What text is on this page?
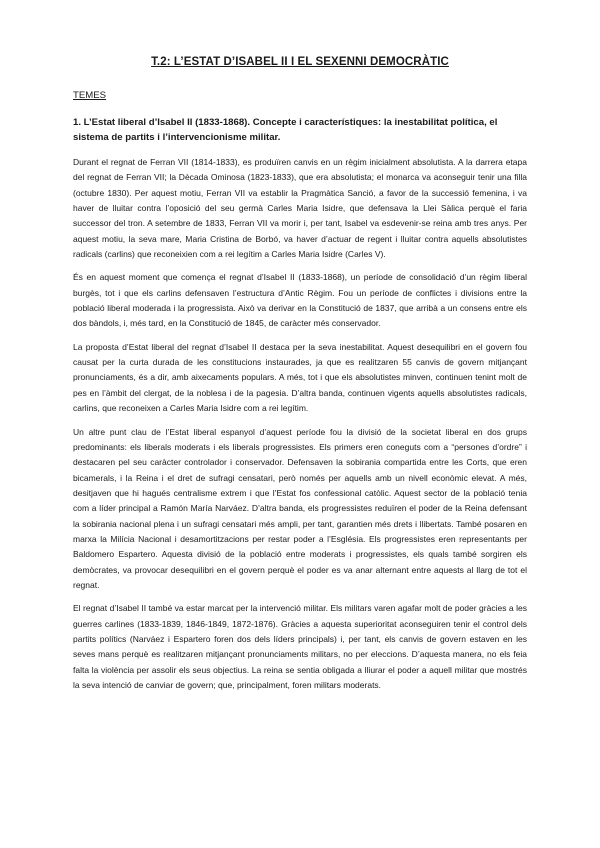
T.2: L’ESTAT D’ISABEL II I EL SEXENNI DEMOCRÀTIC
TEMES
1. L’Estat liberal d’Isabel II (1833-1868). Concepte i característiques: la inestabilitat política, el sistema de partits i l’intervencionisme militar.

Durant el regnat de Ferran VII (1814-1833), es produïren canvis en un règim inicialment absolutista. A la darrera etapa del regnat de Ferran VII; la Dècada Ominosa (1823-1833), que era absolutista; el monarca va aconseguir tenir una filla (octubre 1830). Per aquest motiu, Ferran VII va establir la Pragmàtica Sanció, a favor de la successió femenina, i va haver de lluitar contra l’oposició del seu germà Carles Maria Isidre, que defensava la Llei Sàlica perquè el faria successor del tron. A setembre de 1833, Ferran VII va morir i, per tant, Isabel va esdevenir-se reina amb tres anys. Per aquest motiu, la seva mare, Maria Cristina de Borbó, va haver d’actuar de regent i lluitar contra aquells absolutistes radicals (carlins) que reconeixien com a rei legítim a Carles Maria Isidre (Carles V).

És en aquest moment que comença el regnat d’Isabel II (1833-1868), un període de consolidació d’un règim liberal burgès, tot i que els carlins defensaven l’estructura d’Antic Règim. Fou un període de conflictes i divisions entre la població liberal moderada i la progressista. Això va derivar en la Constitució de 1837, que arribà a un consens entre els dos bàndols, i, més tard, en la Constitució de 1845, de caràcter més conservador.

La proposta d’Estat liberal del regnat d’Isabel II destaca per la seva inestabilitat. Aquest desequilibri en el govern fou causat per la curta durada de les constitucions instaurades, ja que es realitzaren 55 canvis de govern mitjançant pronunciaments, és a dir, amb aixecaments populars. A més, tot i que els absolutistes minven, continuen tenint molt de pes en l’àmbit del clergat, de la noblesa i de la pagesia. D’altra banda, continuen vigents aquells absolutistes radicals, carlins, que reconeixen a Carles Maria Isidre com a rei legítim.

Un altre punt clau de l’Estat liberal espanyol d’aquest període fou la divisió de la societat liberal en dos grups predominants: els liberals moderats i els liberals progressistes. Els primers eren coneguts com a “persones d’ordre” i destacaren pel seu caràcter controlador i conservador. Defensaven la sobirania compartida entre les Corts, que eren bicamerals, i la Reina i el dret de sufragi censatari, però només per aquells amb un nivell econòmic elevat. A més, desitjaven que hi hagués centralisme extrem i que l’Estat fos confessional catòlic. Aquest sector de la població tenia com a líder principal a Ramón María Narváez. D’altra banda, els progressistes reduïren el poder de la Reina defensant la sobirania nacional plena i un sufragi censatari més ampli, per tant, garantien més drets i llibertats. També posaren en marxa la Milícia Nacional i desamortitzacions per restar poder a l’Església. Els progressistes eren representants per Baldomero Espartero. Aquesta divisió de la població entre moderats i progressistes, els quals també sorgiren els demòcrates, va provocar desequilibri en el govern perquè el poder es va anar alternant entre aquests al llarg de tot el regnat.

El regnat d’Isabel II també va estar marcat per la intervenció militar. Els militars varen agafar molt de poder gràcies a les guerres carlines (1833-1839, 1846-1849, 1872-1876). Gràcies a aquesta superioritat aconseguiren tenir el control dels partits polítics (Narváez i Espartero foren dos dels líders principals) i, per tant, els canvis de govern estaven en les seves mans perquè es realitzaren mitjançant pronunciaments militars, no per eleccions. D’aquesta manera, no els feia falta la violència per assolir els seus objectius. La reina se sentia obligada a lliurar el poder a aquell militar que mostrés la seva intenció de canviar de govern; que, principalment, foren militars moderats.
